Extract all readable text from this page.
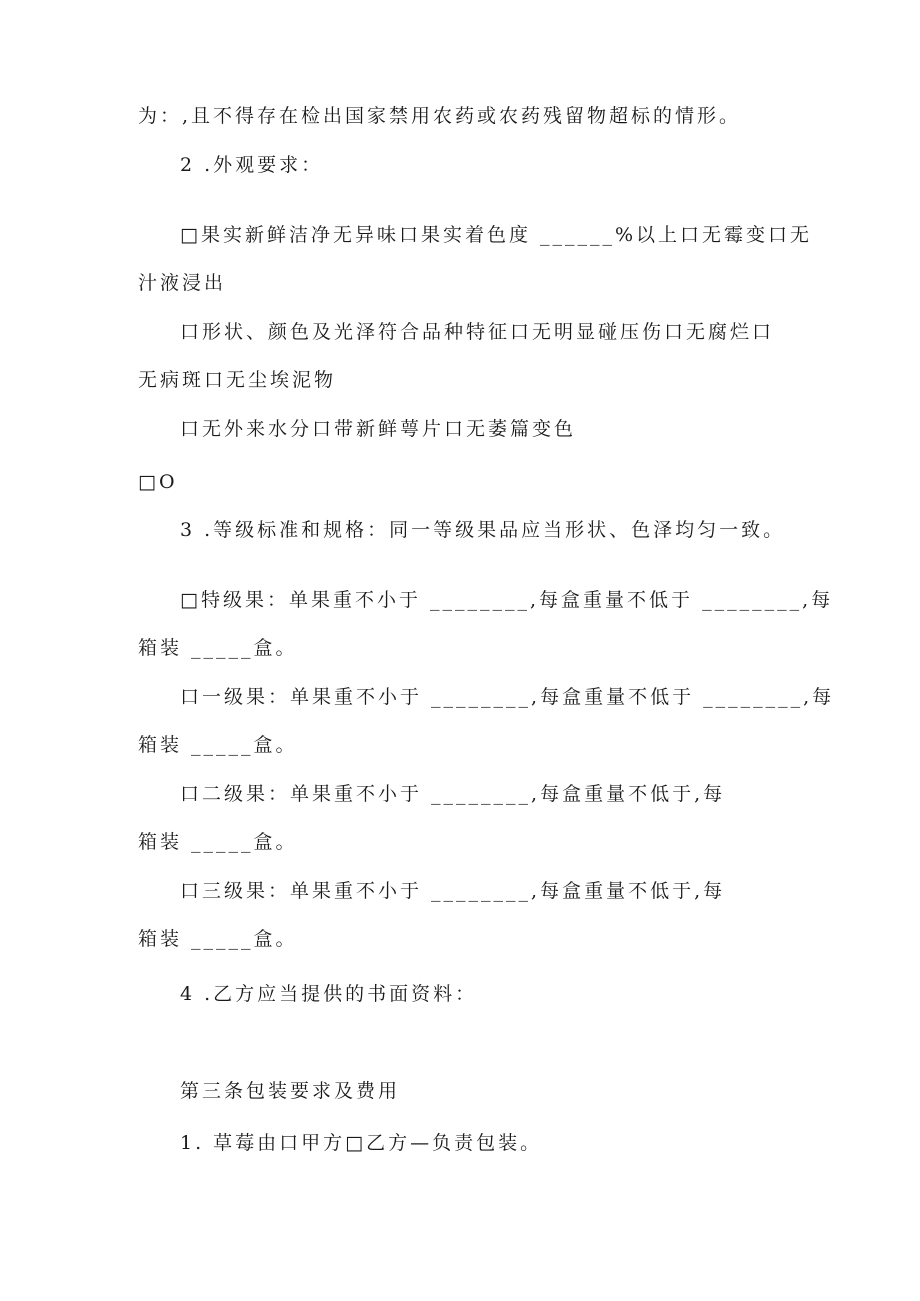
为：,且不得存在检出国家禁用农药或农药残留物超标的情形。
2 .外观要求：
□果实新鲜洁净无异味口果实着色度 ______%以上口无霉变口无
汁液浸出
口形状、颜色及光泽符合品种特征口无明显碰压伤口无腐烂口
无病斑口无尘埃泥物
口无外来水分口带新鲜萼片口无萎篇变色
□O
3 .等级标准和规格：同一等级果品应当形状、色泽均匀一致。
□特级果：单果重不小于 ________,每盒重量不低于 ________,每
箱装 _____盒。
口一级果：单果重不小于 ________,每盒重量不低于 ________,每
箱装 _____盒。
口二级果：单果重不小于 ________,每盒重量不低于,每
箱装 _____盒。
口三级果：单果重不小于 ________,每盒重量不低于,每
箱装 _____盒。
4 .乙方应当提供的书面资料：
第三条包装要求及费用
1. 草莓由口甲方□乙方—负责包装。
